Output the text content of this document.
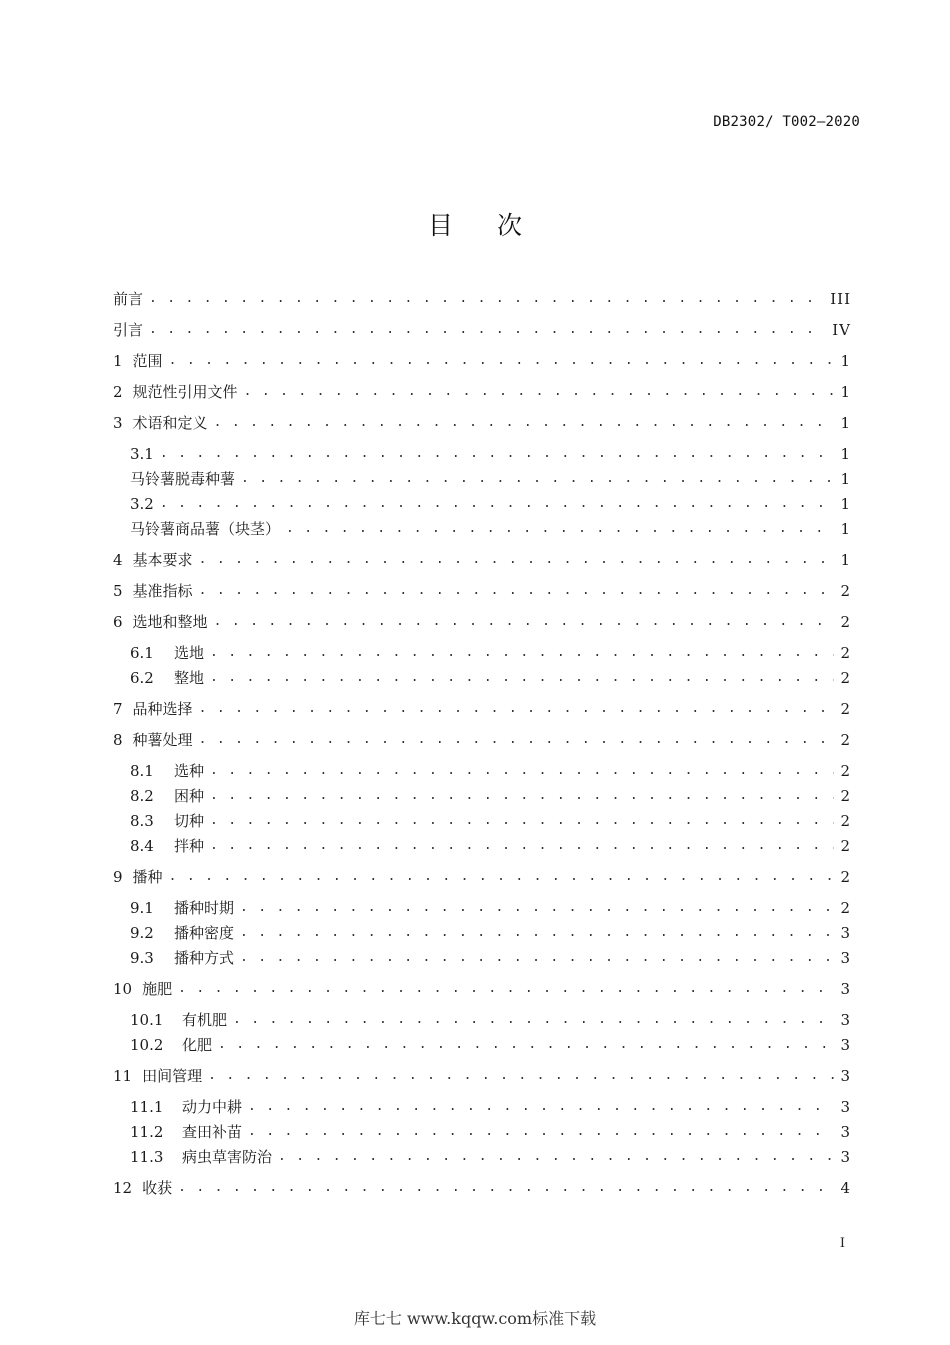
DB2302/ T002—2020
目次
前言 . . .	III
引言 . . .	IV
1 范围 . . .	1
2 规范性引用文件 . . .	1
3 术语和定义 . . .	1
3.1 . . .	1
马铃薯脱毒种薯 . . .	1
3.2 . . .	1
马铃薯商品薯（块茎） . . .	1
4 基本要求 . . .	1
5 基准指标 . . .	2
6 选地和整地 . . .	2
6.1	选地 . . .	2
6.2	整地 . . .	2
7 品种选择 . . .	2
8 种薯处理 . . .	2
8.1	选种 . . .	2
8.2	困种 . . .	2
8.3	切种 . . .	2
8.4	拌种 . . .	2
9 播种 . . .	2
9.1	播种时期 . . .	2
9.2	播种密度 . . .	3
9.3	播种方式 . . .	3
10 施肥 . . .	3
10.1	有机肥 . . .	3
10.2	化肥 . . .	3
11 田间管理 . . .	3
11.1	动力中耕 . . .	3
11.2	查田补苗 . . .	3
11.3	病虫草害防治 . . .	3
12 收获 . . .	4
I
库七七 www.kqqw.com标准下载
